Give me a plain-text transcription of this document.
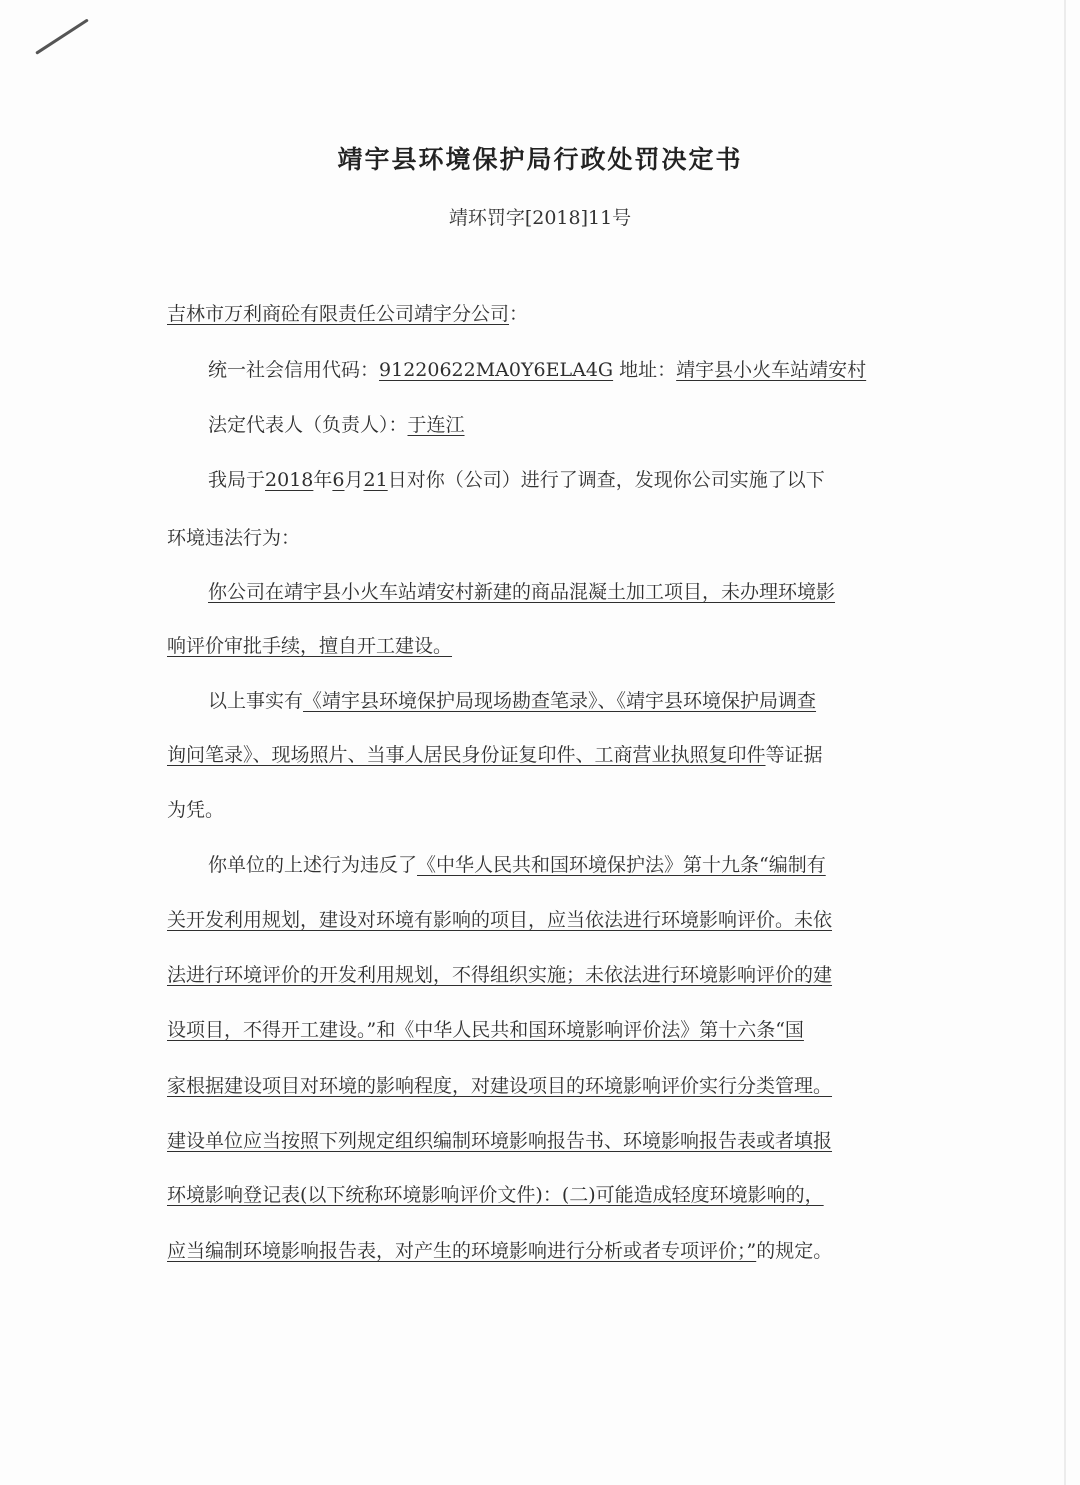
靖宇县环境保护局行政处罚决定书
靖环罚字[2018]11号
吉林市万利商砼有限责任公司靖宇分公司：
统一社会信用代码：91220622MA0Y6ELA4G 地址：靖宇县小火车站靖安村
法定代表人（负责人）：于连江
我局于2018年6月21日对你（公司）进行了调查，发现你公司实施了以下
环境违法行为：
你公司在靖宇县小火车站靖安村新建的商品混凝土加工项目，未办理环境影
响评价审批手续，擅自开工建设。
以上事实有《靖宇县环境保护局现场勘查笔录》、《靖宇县环境保护局调查
询问笔录》、现场照片、当事人居民身份证复印件、工商营业执照复印件等证据
为凭。
你单位的上述行为违反了《中华人民共和国环境保护法》第十九条“编制有
关开发利用规划，建设对环境有影响的项目，应当依法进行环境影响评价。未依
法进行环境评价的开发利用规划，不得组织实施；未依法进行环境影响评价的建
设项目，不得开工建设。”和《中华人民共和国环境影响评价法》第十六条“国
家根据建设项目对环境的影响程度，对建设项目的环境影响评价实行分类管理。
建设单位应当按照下列规定组织编制环境影响报告书、环境影响报告表或者填报
环境影响登记表(以下统称环境影响评价文件)：(二)可能造成轻度环境影响的，
应当编制环境影响报告表，对产生的环境影响进行分析或者专项评价；”的规定。
